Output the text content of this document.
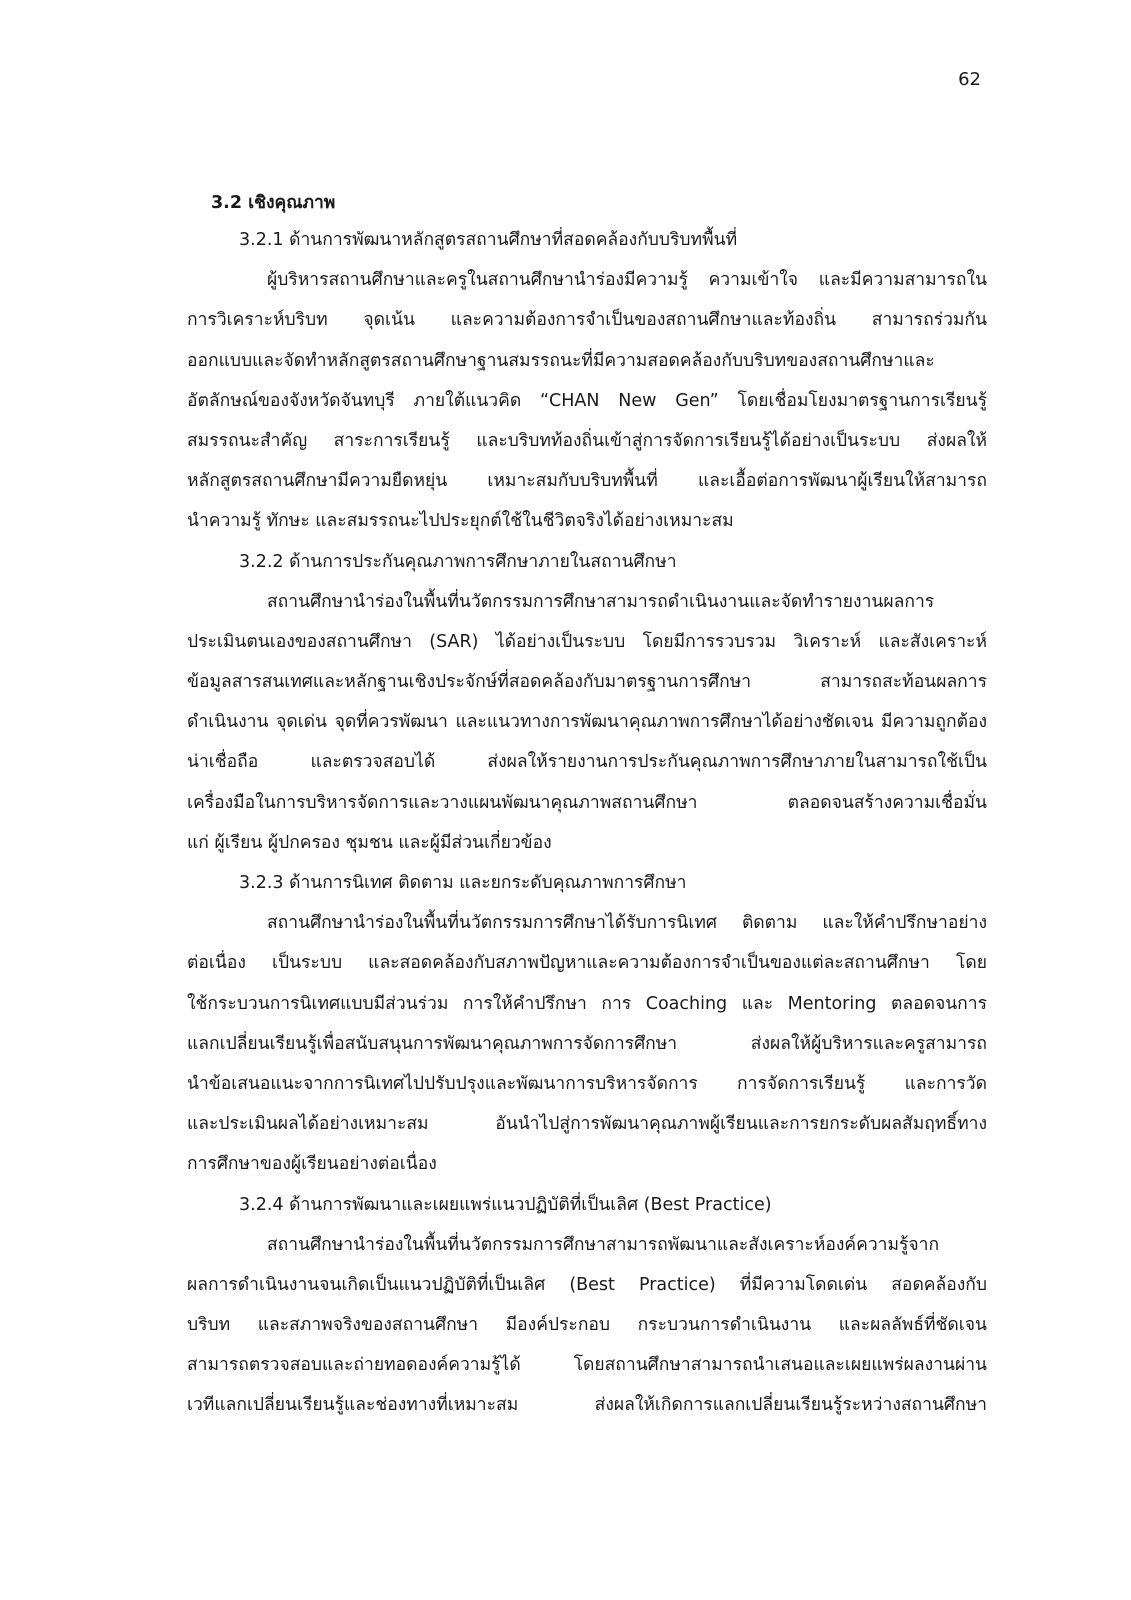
62
3.2 เชิงคุณภาพ
3.2.1 ด้านการพัฒนาหลักสูตรสถานศึกษาที่สอดคล้องกับบริบทพื้นที่
ผู้บริหารสถานศึกษาและครูในสถานศึกษานำร่องมีความรู้ ความเข้าใจ และมีความสามารถใน
การวิเคราะห์บริบท จุดเน้น และความต้องการจำเป็นของสถานศึกษาและท้องถิ่น สามารถร่วมกัน
ออกแบบและจัดทำหลักสูตรสถานศึกษาฐานสมรรถนะที่มีความสอดคล้องกับบริบทของสถานศึกษาและ
อัตลักษณ์ของจังหวัดจันทบุรี ภายใต้แนวคิด “CHAN New Gen” โดยเชื่อมโยงมาตรฐานการเรียนรู้
สมรรถนะสำคัญ สาระการเรียนรู้ และบริบทท้องถิ่นเข้าสู่การจัดการเรียนรู้ได้อย่างเป็นระบบ ส่งผลให้
หลักสูตรสถานศึกษามีความยืดหยุ่น เหมาะสมกับบริบทพื้นที่ และเอื้อต่อการพัฒนาผู้เรียนให้สามารถ
นำความรู้ ทักษะ และสมรรถนะไปประยุกต์ใช้ในชีวิตจริงได้อย่างเหมาะสม
3.2.2 ด้านการประกันคุณภาพการศึกษาภายในสถานศึกษา
สถานศึกษานำร่องในพื้นที่นวัตกรรมการศึกษาสามารถดำเนินงานและจัดทำรายงานผลการ
ประเมินตนเองของสถานศึกษา (SAR) ได้อย่างเป็นระบบ โดยมีการรวบรวม วิเคราะห์ และสังเคราะห์
ข้อมูลสารสนเทศและหลักฐานเชิงประจักษ์ที่สอดคล้องกับมาตรฐานการศึกษา สามารถสะท้อนผลการ
ดำเนินงาน จุดเด่น จุดที่ควรพัฒนา และแนวทางการพัฒนาคุณภาพการศึกษาได้อย่างชัดเจน มีความถูกต้อง
น่าเชื่อถือ และตรวจสอบได้ ส่งผลให้รายงานการประกันคุณภาพการศึกษาภายในสามารถใช้เป็น
เครื่องมือในการบริหารจัดการและวางแผนพัฒนาคุณภาพสถานศึกษา ตลอดจนสร้างความเชื่อมั่น
แก่ ผู้เรียน ผู้ปกครอง ชุมชน และผู้มีส่วนเกี่ยวข้อง
3.2.3 ด้านการนิเทศ ติดตาม และยกระดับคุณภาพการศึกษา
สถานศึกษานำร่องในพื้นที่นวัตกรรมการศึกษาได้รับการนิเทศ ติดตาม และให้คำปรึกษาอย่าง
ต่อเนื่อง เป็นระบบ และสอดคล้องกับสภาพปัญหาและความต้องการจำเป็นของแต่ละสถานศึกษา โดย
ใช้กระบวนการนิเทศแบบมีส่วนร่วม การให้คำปรึกษา การ Coaching และ Mentoring ตลอดจนการ
แลกเปลี่ยนเรียนรู้เพื่อสนับสนุนการพัฒนาคุณภาพการจัดการศึกษา ส่งผลให้ผู้บริหารและครูสามารถ
นำข้อเสนอแนะจากการนิเทศไปปรับปรุงและพัฒนาการบริหารจัดการ การจัดการเรียนรู้ และการวัด
และประเมินผลได้อย่างเหมาะสม อันนำไปสู่การพัฒนาคุณภาพผู้เรียนและการยกระดับผลสัมฤทธิ์ทาง
การศึกษาของผู้เรียนอย่างต่อเนื่อง
3.2.4 ด้านการพัฒนาและเผยแพร่แนวปฏิบัติที่เป็นเลิศ (Best Practice)
สถานศึกษานำร่องในพื้นที่นวัตกรรมการศึกษาสามารถพัฒนาและสังเคราะห์องค์ความรู้จาก
ผลการดำเนินงานจนเกิดเป็นแนวปฏิบัติที่เป็นเลิศ (Best Practice) ที่มีความโดดเด่น สอดคล้องกับ
บริบท และสภาพจริงของสถานศึกษา มีองค์ประกอบ กระบวนการดำเนินงาน และผลลัพธ์ที่ชัดเจน
สามารถตรวจสอบและถ่ายทอดองค์ความรู้ได้ โดยสถานศึกษาสามารถนำเสนอและเผยแพร่ผลงานผ่าน
เวทีแลกเปลี่ยนเรียนรู้และช่องทางที่เหมาะสม ส่งผลให้เกิดการแลกเปลี่ยนเรียนรู้ระหว่างสถานศึกษา
